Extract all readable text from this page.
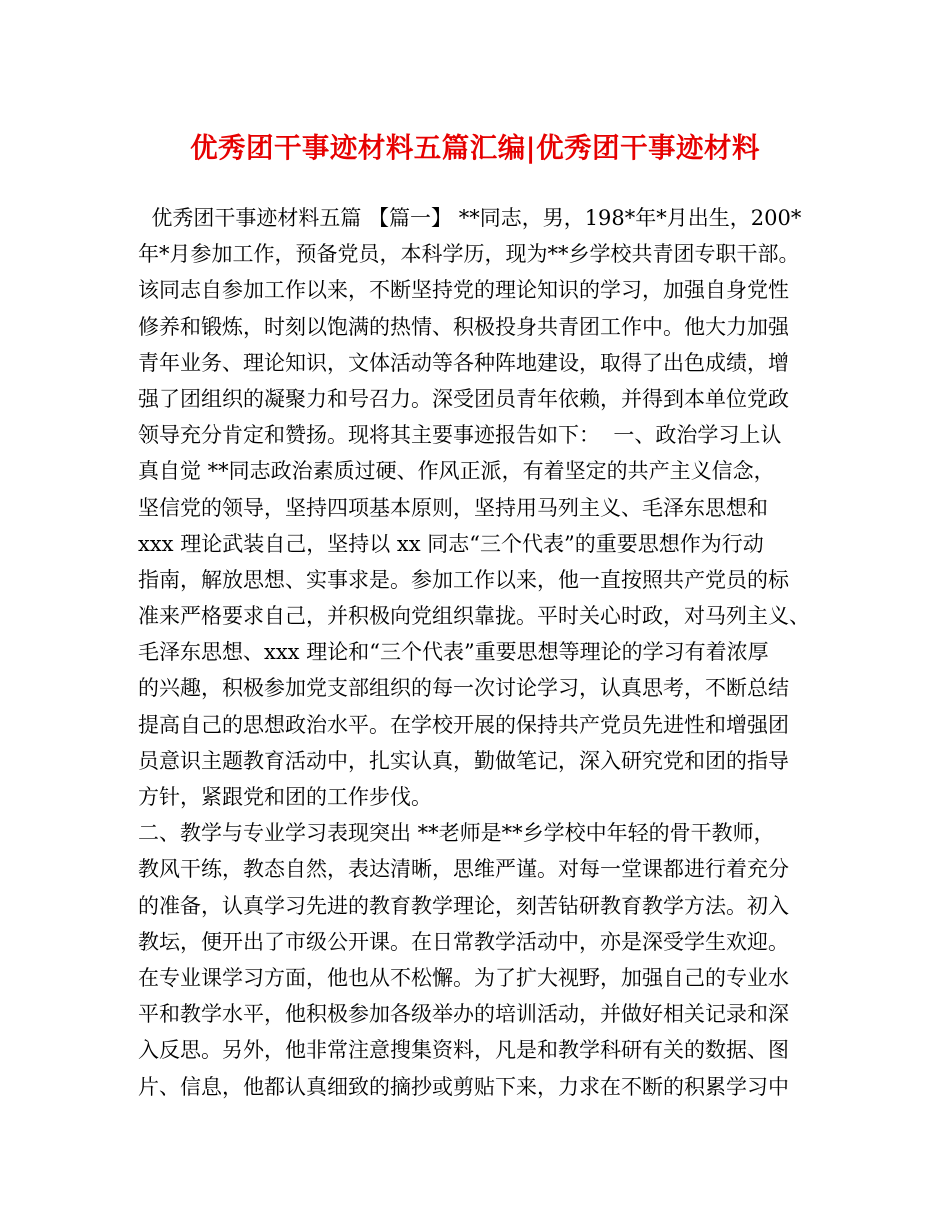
优秀团干事迹材料五篇汇编|优秀团干事迹材料
优秀团干事迹材料五篇 【篇一】 **同志，男，198*年*月出生，200*
年*月参加工作，预备党员，本科学历，现为**乡学校共青团专职干部。
该同志自参加工作以来，不断坚持党的理论知识的学习，加强自身党性
修养和锻炼，时刻以饱满的热情、积极投身共青团工作中。他大力加强
青年业务、理论知识，文体活动等各种阵地建设，取得了出色成绩，增
强了团组织的凝聚力和号召力。深受团员青年依赖，并得到本单位党政
领导充分肯定和赞扬。现将其主要事迹报告如下：  一、政治学习上认
真自觉 **同志政治素质过硬、作风正派，有着坚定的共产主义信念，
坚信党的领导，坚持四项基本原则，坚持用马列主义、毛泽东思想和
xxx 理论武装自己，坚持以 xx 同志“三个代表”的重要思想作为行动
指南，解放思想、实事求是。参加工作以来，他一直按照共产党员的标
准来严格要求自己，并积极向党组织靠拢。平时关心时政，对马列主义、
毛泽东思想、xxx 理论和“三个代表”重要思想等理论的学习有着浓厚
的兴趣，积极参加党支部组织的每一次讨论学习，认真思考，不断总结
提高自己的思想政治水平。在学校开展的保持共产党员先进性和增强团
员意识主题教育活动中，扎实认真，勤做笔记，深入研究党和团的指导
方针，紧跟党和团的工作步伐。
二、教学与专业学习表现突出 **老师是**乡学校中年轻的骨干教师，
教风干练，教态自然，表达清晰，思维严谨。对每一堂课都进行着充分
的准备，认真学习先进的教育教学理论，刻苦钻研教育教学方法。初入
教坛，便开出了市级公开课。在日常教学活动中，亦是深受学生欢迎。
在专业课学习方面，他也从不松懈。为了扩大视野，加强自己的专业水
平和教学水平，他积极参加各级举办的培训活动，并做好相关记录和深
入反思。另外，他非常注意搜集资料，凡是和教学科研有关的数据、图
片、信息，他都认真细致的摘抄或剪贴下来，力求在不断的积累学习中
